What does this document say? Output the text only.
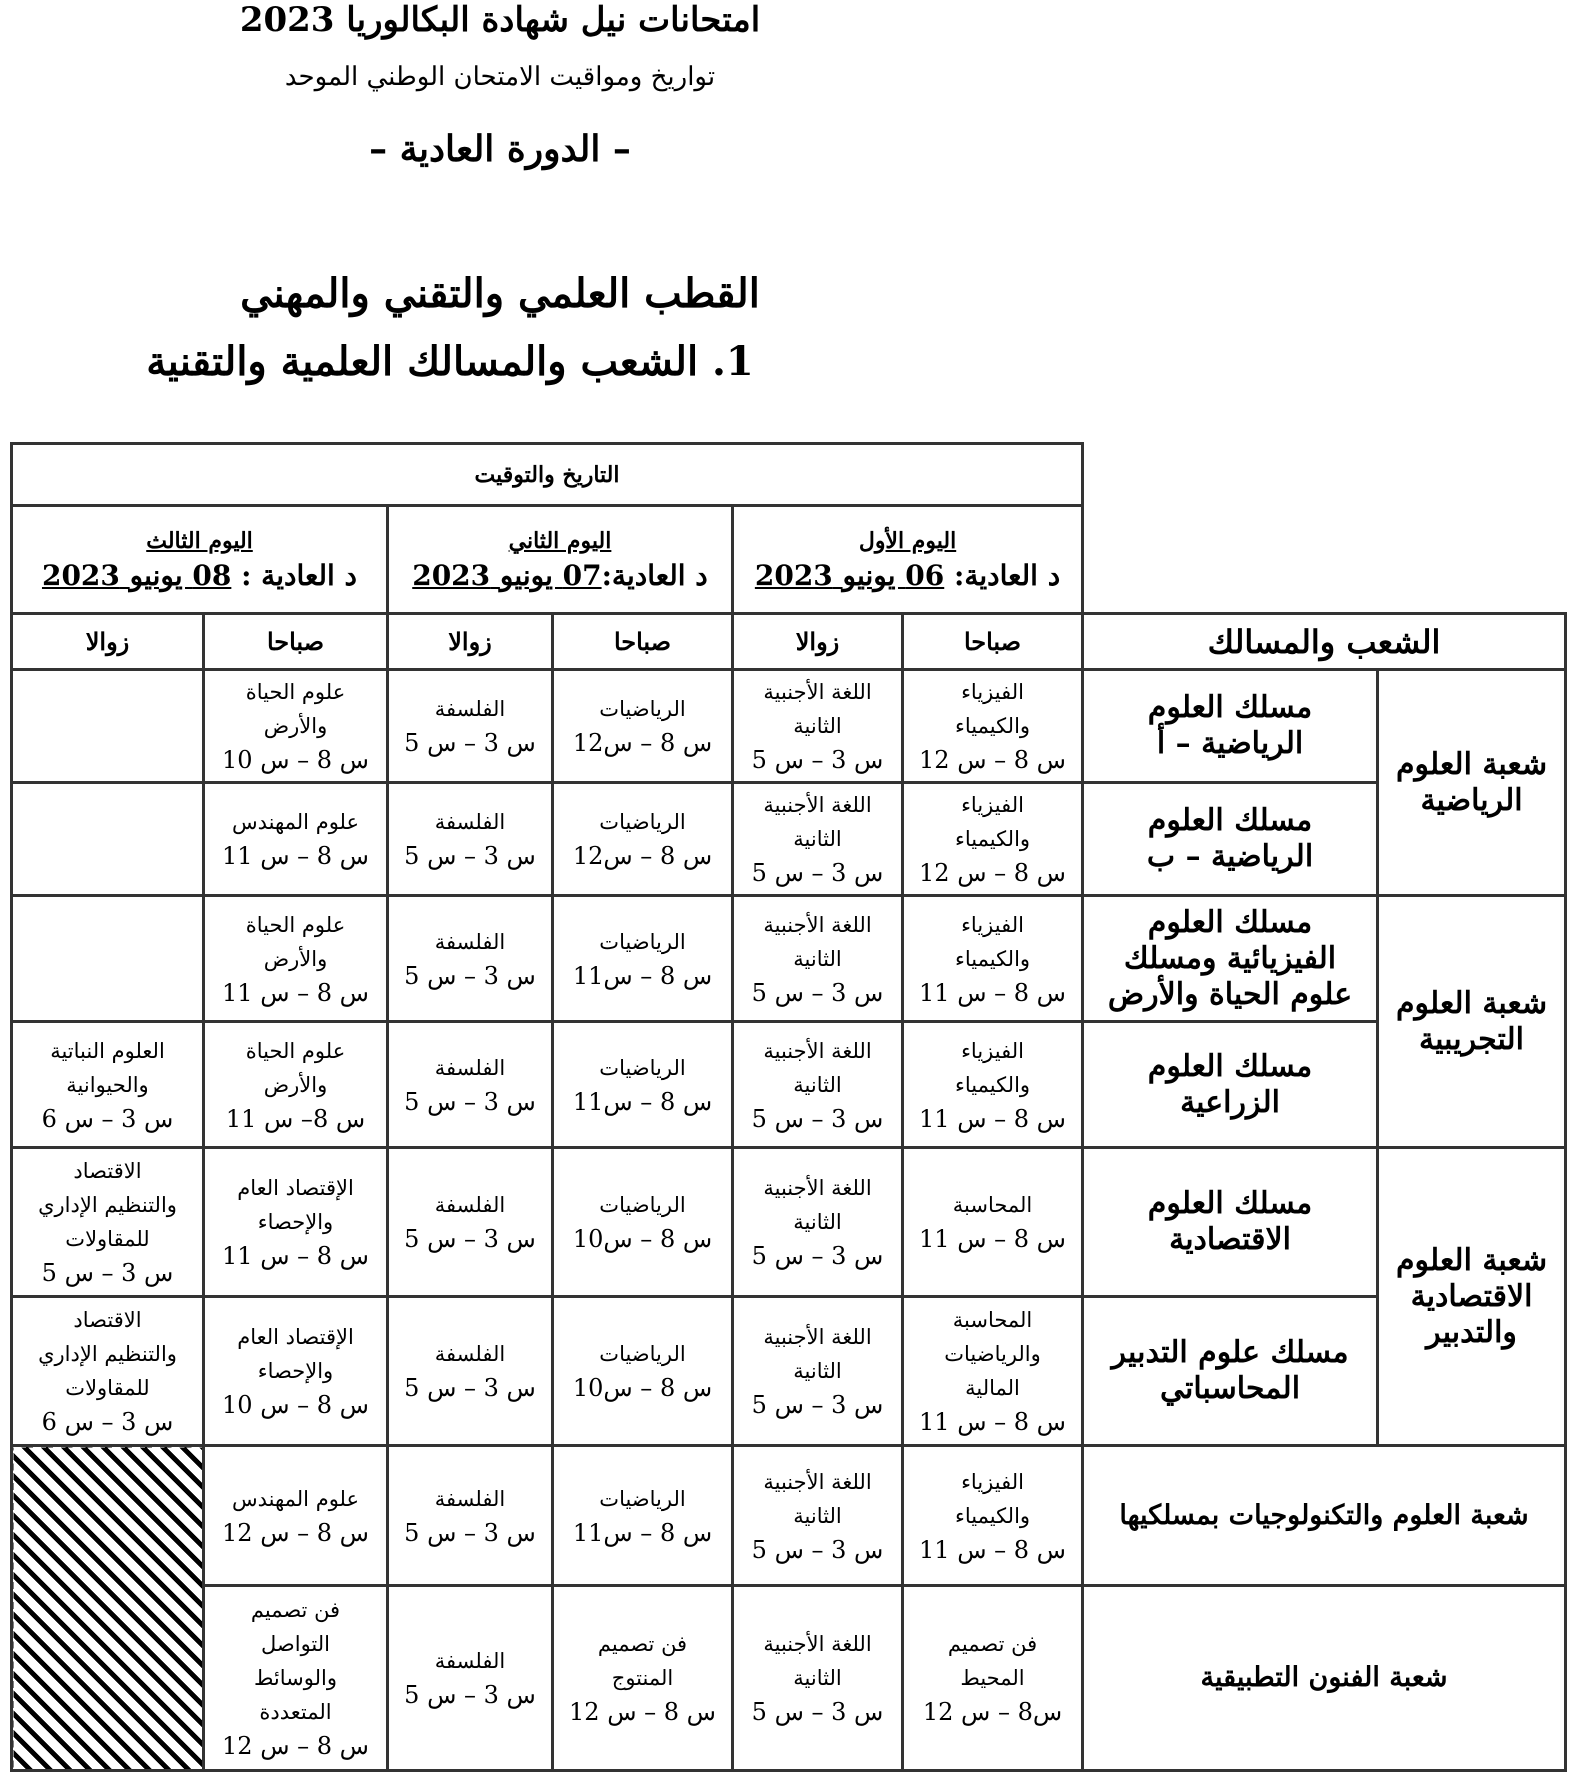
امتحانات نيل شهادة البكالوريا 2023
تواريخ ومواقيت الامتحان الوطني الموحد
– الدورة العادية –
القطب العلمي والتقني والمهني
1. الشعب والمسالك العلمية والتقنية
التاريخ والتوقيت							

اليوم الثالث
د العادية : 08 يونيو 2023		اليوم الثاني
د العادية:07 يونيو 2023		اليوم الأول
د العادية: 06 يونيو 2023			

زوالا	صباحا	زوالا	صباحا	زوالا	صباحا	الشعب والمسالك	

	علوم الحياة
والأرض
س 8 – س 10	الفلسفة
س 3 – س 5	الرياضيات
س 8 – س12	اللغة الأجنبية
الثانية
س 3 – س 5	الفيزياء
والكيمياء
س 8 – س 12	مسلك العلوم الرياضية – أ	شعبة العلوم الرياضية

	علوم المهندس
س 8 – س 11	الفلسفة
س 3 – س 5	الرياضيات
س 8 – س12	اللغة الأجنبية
الثانية
س 3 – س 5	الفيزياء
والكيمياء
س 8 – س 12	مسلك العلوم الرياضية – ب	

	علوم الحياة
والأرض
س 8 – س 11	الفلسفة
س 3 – س 5	الرياضيات
س 8 – س11	اللغة الأجنبية
الثانية
س 3 – س 5	الفيزياء
والكيمياء
س 8 – س 11	مسلك العلوم الفيزيائية ومسلك علوم الحياة والأرض	شعبة العلوم التجريبية

العلوم النباتية
والحيوانية
س 3 – س 6	علوم الحياة
والأرض
س 8– س 11	الفلسفة
س 3 – س 5	الرياضيات
س 8 – س11	اللغة الأجنبية
الثانية
س 3 – س 5	الفيزياء
والكيمياء
س 8 – س 11	مسلك العلوم الزراعية	

الاقتصاد
والتنظيم الإداري
للمقاولات
س 3 – س 5	الإقتصاد العام
والإحصاء
س 8 – س 11	الفلسفة
س 3 – س 5	الرياضيات
س 8 – س10	اللغة الأجنبية
الثانية
س 3 – س 5	المحاسبة
س 8 – س 11	مسلك العلوم الاقتصادية	شعبة العلوم الاقتصادية والتدبير

الاقتصاد
والتنظيم الإداري
للمقاولات
س 3 – س 6	الإقتصاد العام
والإحصاء
س 8 – س 10	الفلسفة
س 3 – س 5	الرياضيات
س 8 – س10	اللغة الأجنبية
الثانية
س 3 – س 5	المحاسبة
والرياضيات
المالية
س 8 – س 11	مسلك علوم التدبير المحاسباتي	

	علوم المهندس
س 8 – س 12	الفلسفة
س 3 – س 5	الرياضيات
س 8 – س11	اللغة الأجنبية
الثانية
س 3 – س 5	الفيزياء
والكيمياء
س 8 – س 11	شعبة العلوم والتكنولوجيات بمسلكيها	

	فن تصميم
التواصل
والوسائط
المتعددة
س 8 – س 12	الفلسفة
س 3 – س 5	فن تصميم
المنتوج
س 8 – س 12	اللغة الأجنبية
الثانية
س 3 – س 5	فن تصميم
المحيط
س8 – س 12	شعبة الفنون التطبيقية	
